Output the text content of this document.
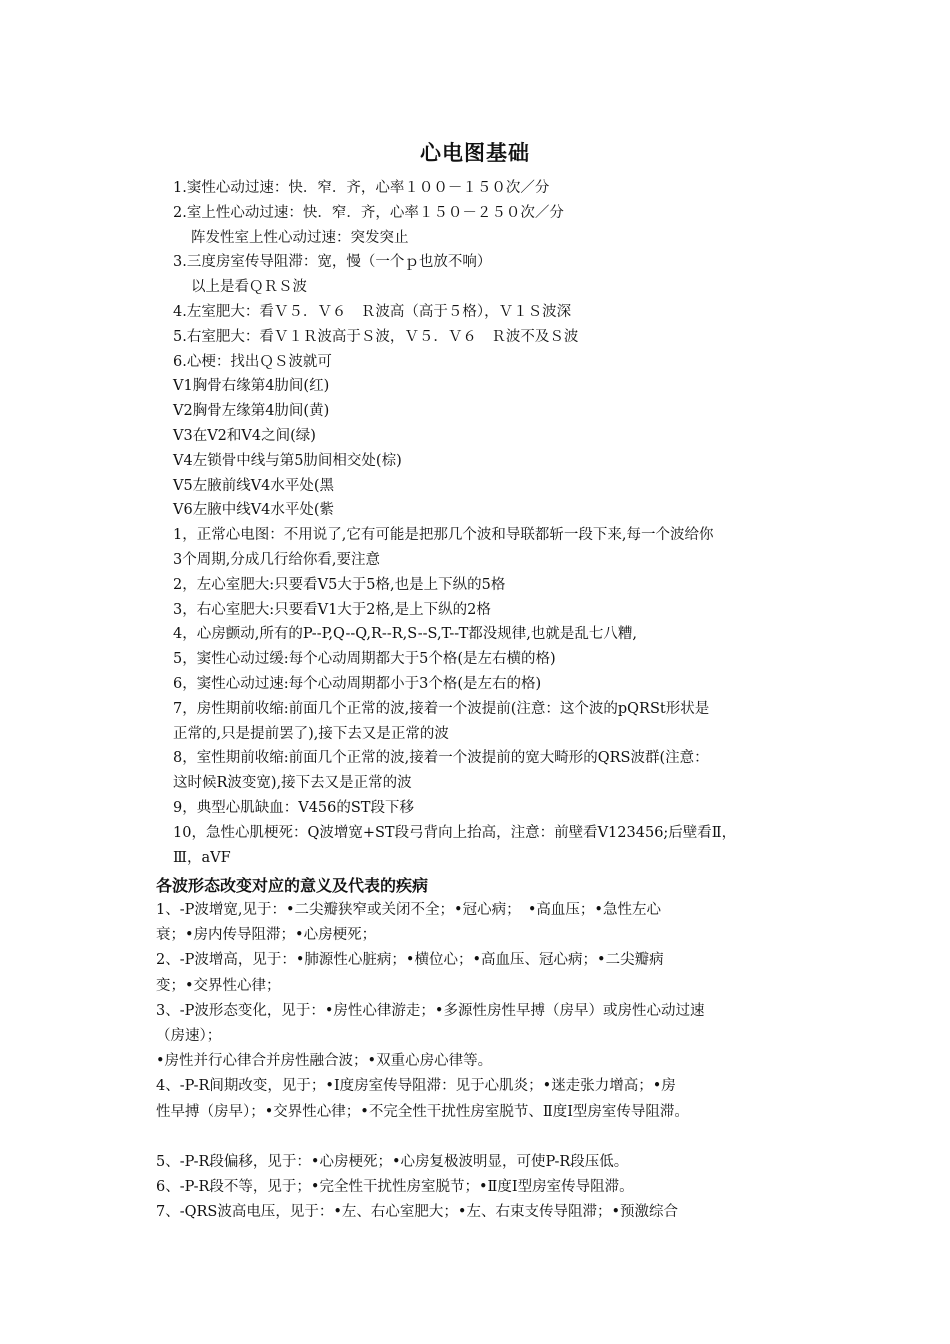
心电图基础
1.窦性心动过速：快．窄．齐，心率１００－１５０次／分
2.室上性心动过速：快．窄．齐，心率１５０－２５０次／分
阵发性室上性心动过速：突发突止
3.三度房室传导阻滞：宽，慢（一个ｐ也放不响）
以上是看ＱＲＳ波
4.左室肥大：看Ｖ５．Ｖ６　Ｒ波高（高于５格），Ｖ１Ｓ波深
5.右室肥大：看Ｖ１Ｒ波高于Ｓ波，Ｖ５．Ｖ６　Ｒ波不及Ｓ波
6.心梗：找出ＱＳ波就可
V1胸骨右缘第4肋间(红)
V2胸骨左缘第4肋间(黄)
V3在V2和V4之间(绿)
V4左锁骨中线与第5肋间相交处(棕)
V5左腋前线V4水平处(黑
V6左腋中线V4水平处(紫
1，正常心电图：不用说了,它有可能是把那几个波和导联都斩一段下来,每一个波给你
3个周期,分成几行给你看,要注意
2，左心室肥大:只要看V5大于5格,也是上下纵的5格
3，右心室肥大:只要看V1大于2格,是上下纵的2格
4，心房颤动,所有的P--P,Q--Q,R--R,S--S,T--T都没规律,也就是乱七八糟,
5，窦性心动过缓:每个心动周期都大于5个格(是左右横的格)
6，窦性心动过速:每个心动周期都小于3个格(是左右的格)
7，房性期前收缩:前面几个正常的波,接着一个波提前(注意：这个波的pQRSt形状是
正常的,只是提前罢了),接下去又是正常的波
8，室性期前收缩:前面几个正常的波,接着一个波提前的宽大畸形的QRS波群(注意：
这时候R波变宽),接下去又是正常的波
9，典型心肌缺血：V456的ST段下移
10，急性心肌梗死：Q波增宽+ST段弓背向上抬高，注意：前壁看V123456;后壁看Ⅱ，
Ⅲ，aVF
各波形态改变对应的意义及代表的疾病
1、-P波增宽,见于：•二尖瓣狭窄或关闭不全；•冠心病；　•高血压；•急性左心
衰；•房内传导阻滞；•心房梗死；
2、-P波增高，见于：•肺源性心脏病；•横位心；•高血压、冠心病；•二尖瓣病
变；•交界性心律；
3、-P波形态变化，见于：•房性心律游走；•多源性房性早搏（房早）或房性心动过速
（房速）；
•房性并行心律合并房性融合波；•双重心房心律等。
4、-P-R间期改变，见于；•Ⅰ度房室传导阻滞：见于心肌炎；•迷走张力增高；•房
性早搏（房早）；•交界性心律；•不完全性干扰性房室脱节、Ⅱ度Ⅰ型房室传导阻滞。
5、-P-R段偏移，见于：•心房梗死；•心房复极波明显，可使P-R段压低。
6、-P-R段不等，见于；•完全性干扰性房室脱节；•Ⅱ度Ⅰ型房室传导阻滞。
7、-QRS波高电压，见于：•左、右心室肥大；•左、右束支传导阻滞；•预激综合
